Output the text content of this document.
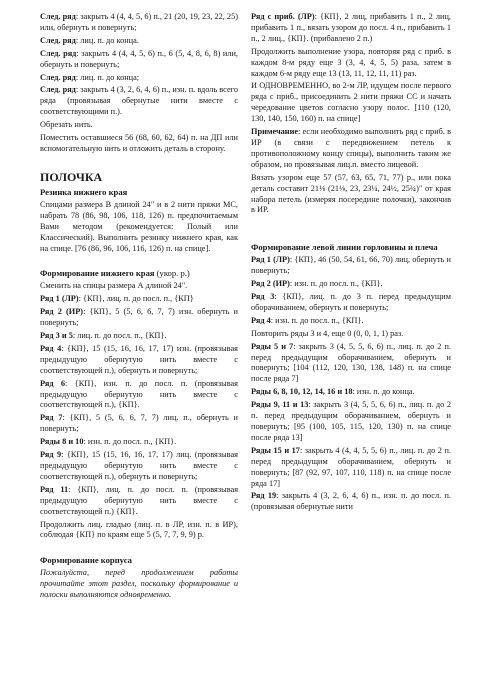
След. ряд: закрыть 4 (4, 4, 5, 6) п., 21 (20, 19, 23, 22, 25) или, обернуть и повернуть;

След. ряд: лиц. п. до конца.

След. ряд: закрыть 4 (4, 4, 5, 6) п., 6 (5, 4, 8, 6, 8) или, обернуть и повернуть;

След. ряд: лиц. п. до конца;

След. ряд: закрыть 4 (3, 2, 6, 4, 6) п., изн. п. вдоль всего ряда (провязывая обернутые нити вместе с соответствующими п.).

Обрезать нить.

Поместить оставшиеся 56 (68, 60, 62, 64) п. на ДП или вспомогательную нить и отложить деталь в сторону.

ПОЛОЧКА
Резинка нижнего края

Спицами размера В длиной 24" и в 2 нити пряжи МС, набрать 78 (86, 98, 106, 118, 126) п. предпочитаемым Вами методом (рекомендуется: Полый или Классический). Выполнить резинку нижнего края, как на спице. [76 (86, 96, 106, 116, 126) п. на спице].

Формирование нижнего края (укор. р.)

Сменить на спицы размера А длиной 24".

Ряд 1 (ЛР): {КП}, лиц. п. до посл. п., {КП}

Ряд 2 (ИР): {КП}, 5 (5, 6, 6, 7, 7) изн. обернуть и повернуть;

Ряд 3 и 5: лиц. п. до посл. п., {КП}.

Ряд 4: {КП}, 15 (15, 16, 16, 17, 17) изн. (провязывая предыдущую обернутую нить вместе с соответствующей п.), обернуть и повернуть;

Ряд 6: {КП}, изн. п. до посл. п. (провязывая предыдущую обернутую нить вместе с соответствующей п.), {КП}.

Ряд 7: {КП}, 5 (5, 6, 6, 7, 7) лиц. п., обернуть и повернуть;

Ряды 8 и 10: изн. п. до посл. п., {КП}.

Ряд 9: {КП}, 15 (15, 16, 16, 17, 17) лиц. (провязывая предыдущую обернутую нить вместе с соответствующей п.), обернуть и повернуть;

Ряд 11: {КП}, лиц. п. до посл. п. (провязывая предыдущую обернутую нить вместе с соответствующей п.) {КП}.

Продолжить лиц. гладью (лиц. п. в ЛР, изн. п. в ИР), соблюдая {КП} по краям еще 5 (5, 7, 7, 9, 9) р.

Формирование корпуса

Пожалуйста, перед продолжением работы прочитайте этот раздел, поскольку формирование и полоски выполняются одновременно.

Ряд с приб. (ЛР): {КП}, 2 лиц, прибавить 1 п., 2 лиц, прибавить 1 п., вязать узором до посл. 4 п., прибавить 1 п., 2 лиц., {КП}. (прибавлено 2 п.)

Продолжить выполнение узора, повторяя ряд с приб. в каждом 8-м ряду еще 3 (3, 4, 4, 5, 5) раза, затем в каждом 6-м ряду еще 13 (13, 11, 12, 11, 11) раз.

И ОДНОВРЕМЕННО, во 2-м ЛР, идущем после первого ряда с приб., присоединить 2 нити пряжи СС и начать чередование цветов согласно узору полос. [110 (120, 130, 140, 150, 160) п. на спице]

Примечание: если необходимо выполнить ряд с приб. в ИР (в связи с передвижением петель к противоположному концу спицы), выполнить таким же образом, но провязывая лиц.п. вместо лицевой.

Вязать узором еще 57 (57, 63, 65, 71, 77) р., или пока деталь составит 21⅛ (21⅛, 23, 23¼, 24½, 25¾)" от края набора петель (измеряя посередине полочки), закончив в ИР.

Формирование левой линии горловины и плеча

Ряд 1 (ЛР): {КП}, 46 (50, 54, 61, 66, 70) лиц, обернуть и повернуть;

Ряд 2 (ИР): изн. п. до посл. п., {КП}.

Ряд 3: {КП}, лиц. п. до 3 п. перед предыдущим оборачиванием, обернуть и повернуть;

Ряд 4: изн. п. до посл. п., {КП}.

Повторить ряды 3 и 4, еще 0 (0, 0, 1, 1) раз.

Ряды 5 и 7: закрыть 3 (4, 5, 5, 6, 6) п., лиц. п. до 2 п. перед предыдущим оборачиванием, обернуть и повернуть; [104 (112, 120, 130, 138, 148) п. на спице после ряда 7]

Ряды 6, 8, 10, 12, 14, 16 и 18: изн. п. до конца.

Ряды 9, 11 и 13: закрыть 3 (4, 5, 5, 6, 6) п., лиц. п. до 2 п. перед предыдущим оборачиванием, обернуть и повернуть; [95 (100, 105, 115, 120, 130) п. на спице после ряда 13]

Ряды 15 и 17: закрыть 4 (4, 4, 5, 5, 6) п., лиц. п. до 2 п. перед предыдущим оборачиванием, обернуть и повернуть; [87 (92, 97, 107, 110, 118) п. на спице после ряда 17]

Ряд 19: закрыть 4 (3, 2, 6, 4, 6) п., изн. п. до посл. п. (провязывая обернутые нити
